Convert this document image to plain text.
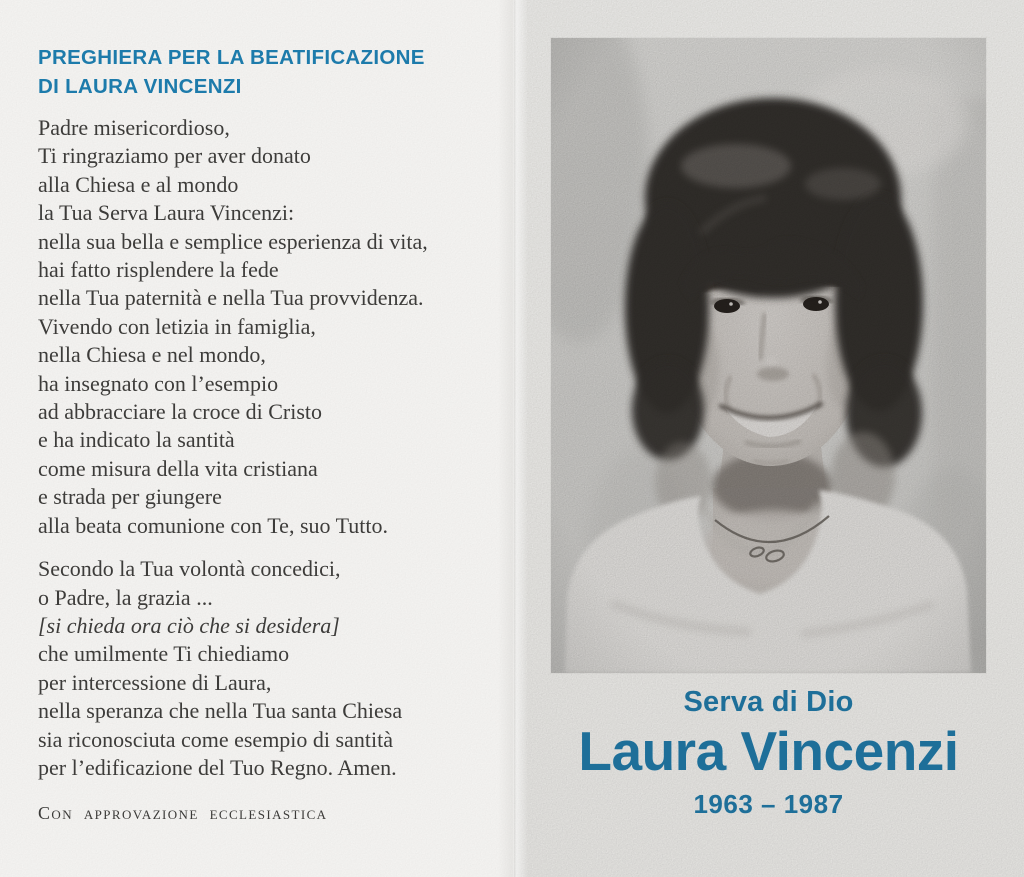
PREGHIERA PER LA BEATIFICAZIONE
DI LAURA VINCENZI
Padre misericordioso,
Ti ringraziamo per aver donato
alla Chiesa e al mondo
la Tua Serva Laura Vincenzi:
nella sua bella e semplice esperienza di vita,
hai fatto risplendere la fede
nella Tua paternità e nella Tua provvidenza.
Vivendo con letizia in famiglia,
nella Chiesa e nel mondo,
ha insegnato con l’esempio
ad abbracciare la croce di Cristo
e ha indicato la santità
come misura della vita cristiana
e strada per giungere
alla beata comunione con Te, suo Tutto.
Secondo la Tua volontà concedici,
o Padre, la grazia ...
[si chieda ora ciò che si desidera]
che umilmente Ti chiediamo
per intercessione di Laura,
nella speranza che nella Tua santa Chiesa
sia riconosciuta come esempio di santità
per l’edificazione del Tuo Regno. Amen.
Con approvazione ecclesiastica
Serva di Dio
Laura Vincenzi
1963 – 1987
